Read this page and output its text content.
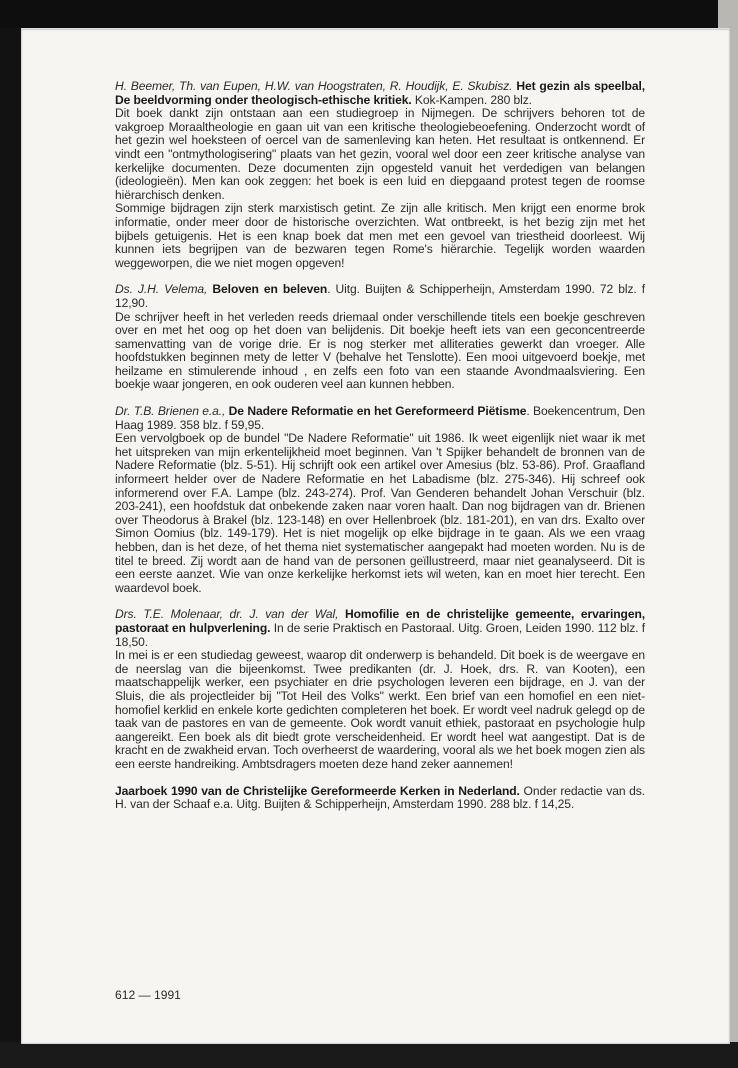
H. Beemer, Th. van Eupen, H.W. van Hoogstraten, R. Houdijk, E. Skubisz. Het gezin als speelbal, De beeldvorming onder theologisch-ethische kritiek. Kok-Kampen. 280 blz.

Dit boek dankt zijn ontstaan aan een studiegroep in Nijmegen. De schrijvers behoren tot de vakgroep Moraaltheologie en gaan uit van een kritische theologiebeoefening. Onderzocht wordt of het gezin wel hoeksteen of oercel van de samenleving kan heten. Het resultaat is ontkennend. Er vindt een "ontmythologisering" plaats van het gezin, vooral wel door een zeer kritische analyse van kerkelijke documenten. Deze documenten zijn opgesteld vanuit het verdedigen van belangen (ideologieën). Men kan ook zeggen: het boek is een luid en diepgaand protest tegen de roomse hiërarchisch denken.

Sommige bijdragen zijn sterk marxistisch getint. Ze zijn alle kritisch. Men krijgt een enorme brok informatie, onder meer door de historische overzichten. Wat ontbreekt, is het bezig zijn met het bijbels getuigenis. Het is een knap boek dat men met een gevoel van triestheid doorleest. Wij kunnen iets begrijpen van de bezwaren tegen Rome's hiërarchie. Tegelijk worden waarden weggeworpen, die we niet mogen opgeven!

Ds. J.H. Velema, Beloven en beleven. Uitg. Buijten & Schipperheijn, Amsterdam 1990. 72 blz. f 12,90.

De schrijver heeft in het verleden reeds driemaal onder verschillende titels een boekje geschreven over en met het oog op het doen van belijdenis. Dit boekje heeft iets van een geconcentreerde samenvatting van de vorige drie. Er is nog sterker met alliteraties gewerkt dan vroeger. Alle hoofdstukken beginnen mety de letter V (behalve het Tenslotte). Een mooi uitgevoerd boekje, met heilzame en stimulerende inhoud , en zelfs een foto van een staande Avondmaalsviering. Een boekje waar jongeren, en ook ouderen veel aan kunnen hebben.

Dr. T.B. Brienen e.a., De Nadere Reformatie en het Gereformeerd Piëtisme. Boekencentrum, Den Haag 1989. 358 blz. f 59,95.

Een vervolgboek op de bundel "De Nadere Reformatie" uit 1986. Ik weet eigenlijk niet waar ik met het uitspreken van mijn erkentelijkheid moet beginnen. Van 't Spijker behandelt de bronnen van de Nadere Reformatie (blz. 5-51). Hij schrijft ook een artikel over Amesius (blz. 53-86). Prof. Graafland informeert helder over de Nadere Reformatie en het Labadisme (blz. 275-346). Hij schreef ook informerend over F.A. Lampe (blz. 243-274). Prof. Van Genderen behandelt Johan Verschuir (blz. 203-241), een hoofdstuk dat onbekende zaken naar voren haalt. Dan nog bijdragen van dr. Brienen over Theodorus à Brakel (blz. 123-148) en over Hellenbroek (blz. 181-201), en van drs. Exalto over Simon Oomius (blz. 149-179). Het is niet mogelijk op elke bijdrage in te gaan. Als we een vraag hebben, dan is het deze, of het thema niet systematischer aangepakt had moeten worden. Nu is de titel te breed. Zij wordt aan de hand van de personen geïllustreerd, maar niet geanalyseerd. Dit is een eerste aanzet. Wie van onze kerkelijke herkomst iets wil weten, kan en moet hier terecht. Een waardevol boek.

Drs. T.E. Molenaar, dr. J. van der Wal, Homofilie en de christelijke gemeente, ervaringen, pastoraat en hulpverlening. In de serie Praktisch en Pastoraal. Uitg. Groen, Leiden 1990. 112 blz. f 18,50.

In mei is er een studiedag geweest, waarop dit onderwerp is behandeld. Dit boek is de weergave en de neerslag van die bijeenkomst. Twee predikanten (dr. J. Hoek, drs. R. van Kooten), een maatschappelijk werker, een psychiater en drie psychologen leveren een bijdrage, en J. van der Sluis, die als projectleider bij "Tot Heil des Volks" werkt. Een brief van een homofiel en een niet-homofiel kerklid en enkele korte gedichten completeren het boek. Er wordt veel nadruk gelegd op de taak van de pastores en van de gemeente. Ook wordt vanuit ethiek, pastoraat en psychologie hulp aangereikt. Een boek als dit biedt grote verscheidenheid. Er wordt heel wat aangestipt. Dat is de kracht en de zwakheid ervan. Toch overheerst de waardering, vooral als we het boek mogen zien als een eerste handreiking. Ambtsdragers moeten deze hand zeker aannemen!

Jaarboek 1990 van de Christelijke Gereformeerde Kerken in Nederland. Onder redactie van ds. H. van der Schaaf e.a. Uitg. Buijten & Schipperheijn, Amsterdam 1990. 288 blz. f 14,25.

612 — 1991
